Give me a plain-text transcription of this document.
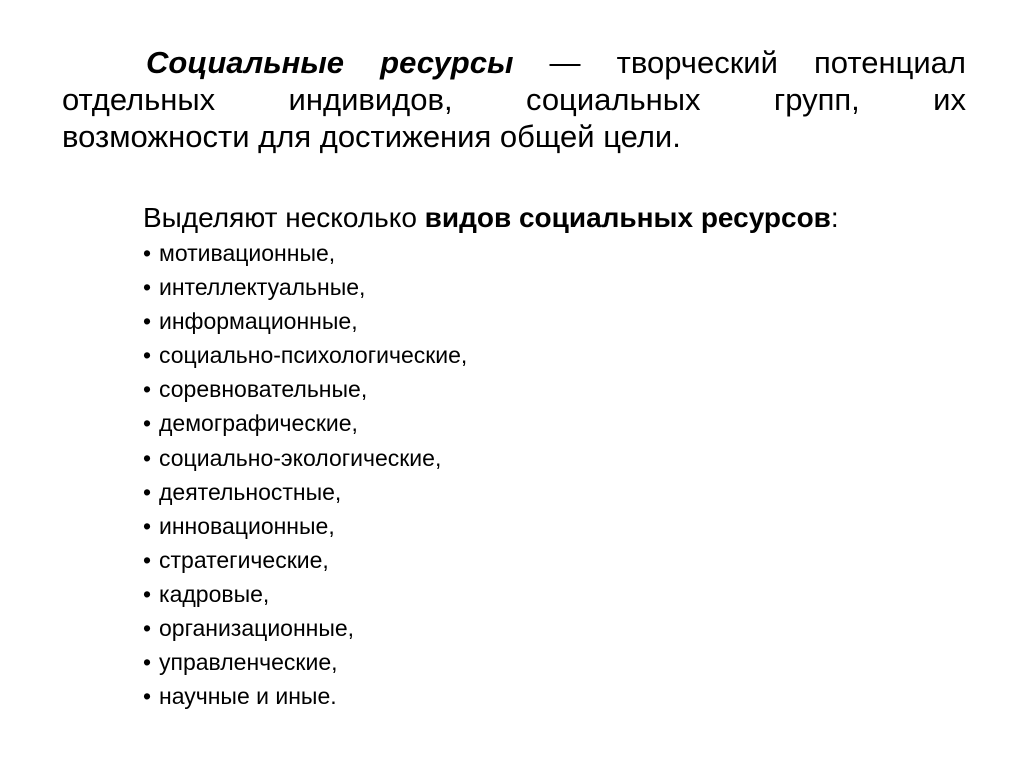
Социальные ресурсы — творческий потенциал
отдельных индивидов, социальных групп, их
возможности для достижения общей цели.

Выделяют несколько видов социальных ресурсов:

• мотивационные,
• интеллектуальные,
• информационные,
• социально-психологические,
• соревновательные,
• демографические,
• социально-экологические,
• деятельностные,
• инновационные,
• стратегические,
• кадровые,
• организационные,
• управленческие,
• научные и иные.
